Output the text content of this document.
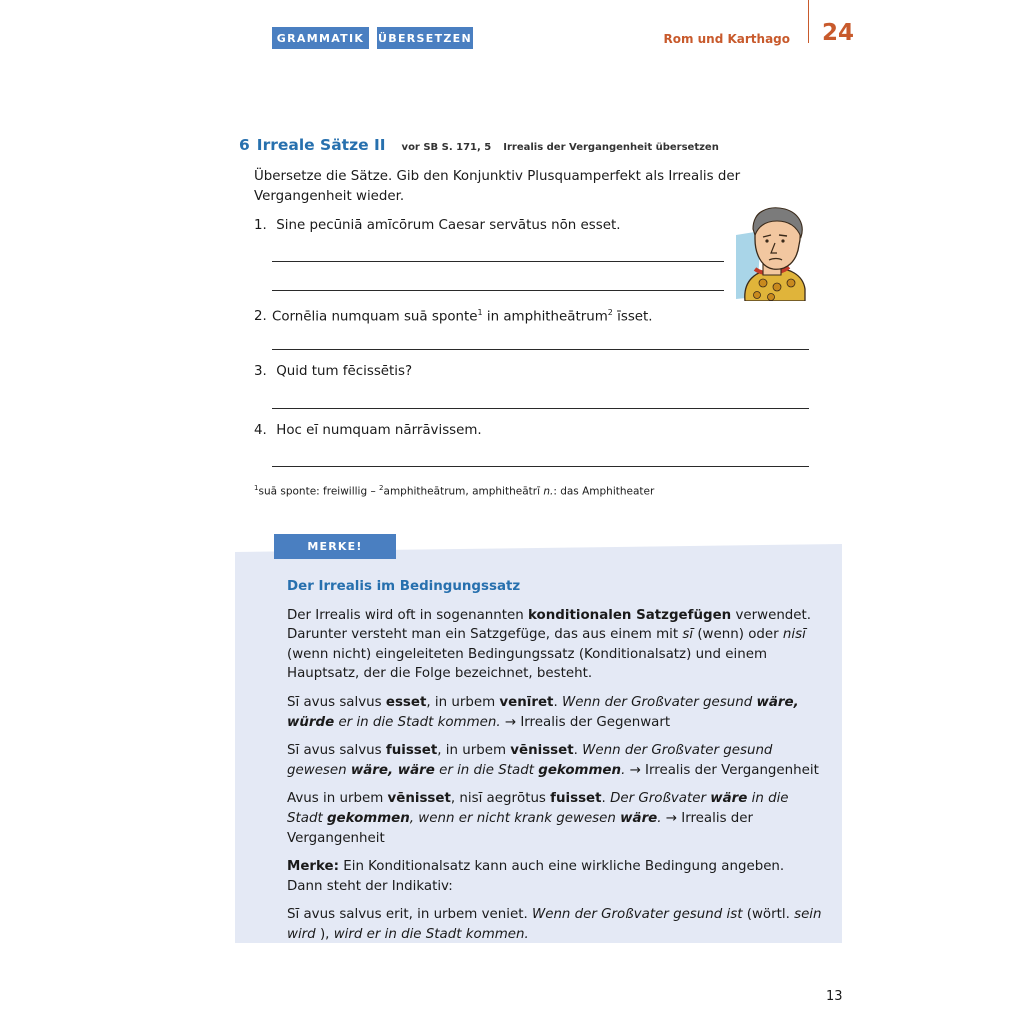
GRAMMATIK	ÜBERSETZEN	Rom und Karthago 24
6 Irreale Sätze II vor SB S. 171, 5 Irrealis der Vergangenheit übersetzen
Übersetze die Sätze. Gib den Konjunktiv Plusquamperfekt als Irrealis der Vergangenheit wieder.
1. Sine pecūniā amīcōrum Caesar servātus nōn esset.
2. Cornēlia numquam suā sponte$^1$ in amphitheātrum$^2$ īsset.
3. Quid tum fēcissētis?
4. Hoc eī numquam nārrāvissem.
$^1$suā sponte: freiwillig – $^2$amphitheātrum, amphitheātrī n.: das Amphitheater
MERKE!
Der Irrealis im Bedingungssatz

Der Irrealis wird oft in sogenannten konditionalen Satzgefügen verwendet. Darunter versteht man ein Satzgefüge, das aus einem mit sī (wenn) oder nisī (wenn nicht) eingeleiteten Bedingungssatz (Konditionalsatz) und einem Hauptsatz, der die Folge bezeichnet, besteht.

Sī avus salvus esset, in urbem venīret. Wenn der Großvater gesund wäre, würde er in die Stadt kommen. → Irrealis der Gegenwart

Sī avus salvus fuisset, in urbem vēnisset. Wenn der Großvater gesund gewesen wäre, wäre er in die Stadt gekommen. → Irrealis der Vergangenheit

Avus in urbem vēnisset, nisī aegrōtus fuisset. Der Großvater wäre in die Stadt gekommen, wenn er nicht krank gewesen wäre. → Irrealis der Vergangenheit

Merke: Ein Konditionalsatz kann auch eine wirkliche Bedingung angeben. Dann steht der Indikativ:

Sī avus salvus erit, in urbem veniet. Wenn der Großvater gesund ist (wörtl. sein wird ), wird er in die Stadt kommen.

13
